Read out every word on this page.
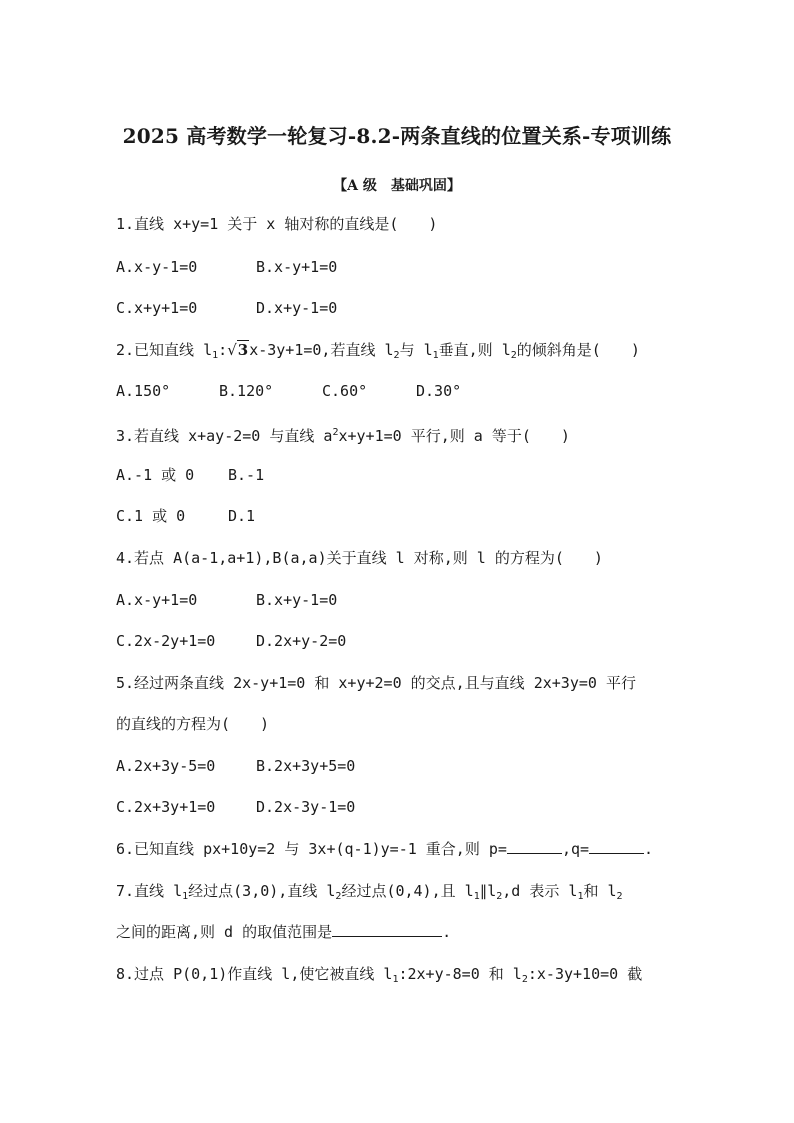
2025 高考数学一轮复习-8.2-两条直线的位置关系-专项训练
【A 级　基础巩固】
1.直线 x+y=1 关于 x 轴对称的直线是(　　)
A.x-y-1=0	B.x-y+1=0
C.x+y+1=0	D.x+y-1=0
2.已知直线 $l_1:√3x-3y+1=0$,若直线 $l_2$与 $l_1$垂直,则 $l_2$的倾斜角是(　　)
A.150°	B.120°	C.60°	D.30°
3.若直线 x+ay-2=0 与直线 $a^2x+y+1=0$ 平行,则 a 等于(　　)
A.-1 或 0 B.-1
C.1 或 0	D.1
4.若点 A(a-1,a+1),B(a,a)关于直线 l 对称,则 l 的方程为(　　)
A.x-y+1=0	B.x+y-1=0
C.2x-2y+1=0	D.2x+y-2=0
5.经过两条直线 2x-y+1=0 和 x+y+2=0 的交点,且与直线 2x+3y=0 平行
的直线的方程为(　　)
A.2x+3y-5=0	B.2x+3y+5=0
C.2x+3y+1=0	D.2x-3y-1=0
6.已知直线 px+10y=2 与 3x+(q-1)y=-1 重合,则 p=	,q=	.
7.直线 $l_1$经过点(3,0),直线 $l_2$经过点(0,4),且 $l_1\parallel l_2,d$ 表示 $l_1$和 $l_2$
之间的距离,则 d 的取值范围是	.
8.过点 P(0,1)作直线 l,使它被直线 $l_1:2x+y-8=0$ 和 $l_2:x-3y+10=0$ 截
